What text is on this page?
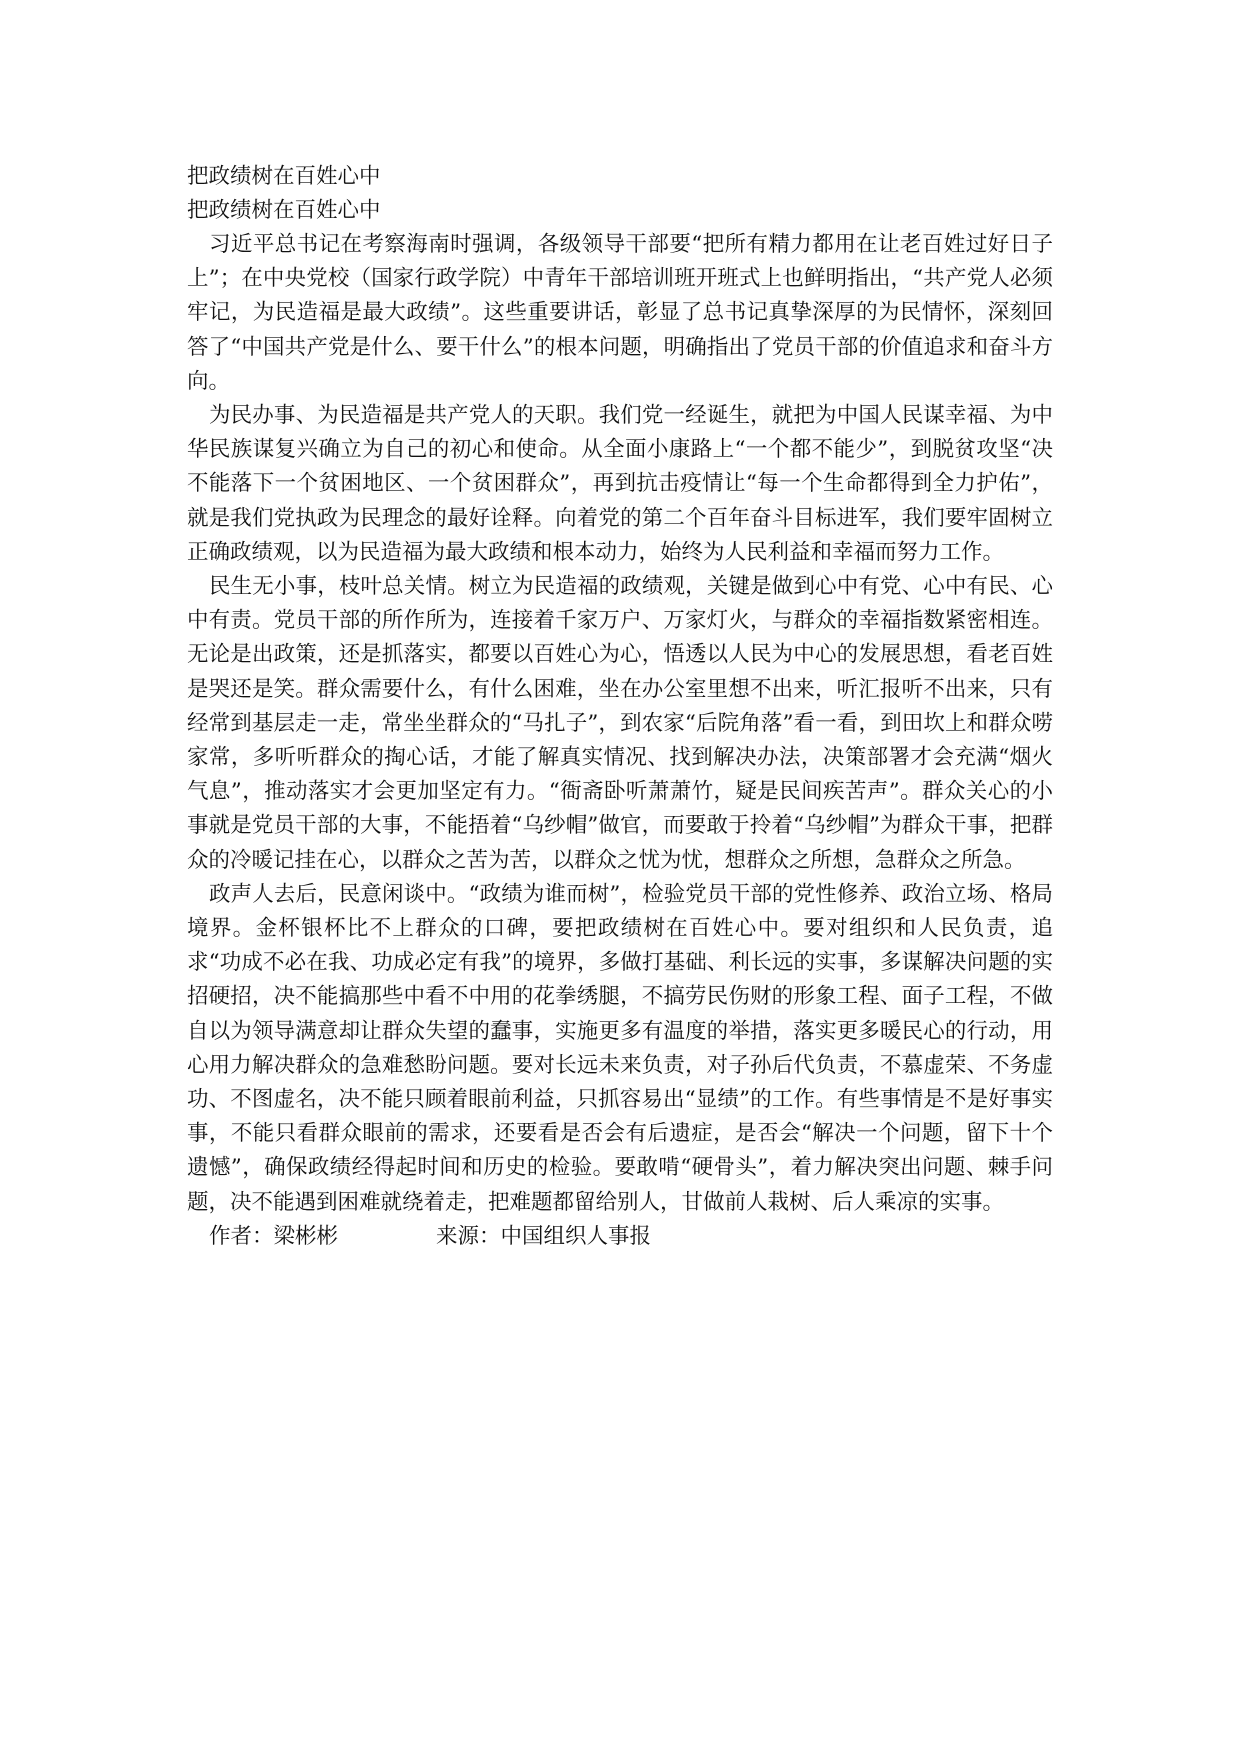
把政绩树在百姓心中

把政绩树在百姓心中

习近平总书记在考察海南时强调，各级领导干部要“把所有精力都用在让老百姓过好日子上”；在中央党校（国家行政学院）中青年干部培训班开班式上也鲜明指出，“共产党人必须牢记，为民造福是最大政绩”。这些重要讲话，彰显了总书记真挚深厚的为民情怀，深刻回答了“中国共产党是什么、要干什么”的根本问题，明确指出了党员干部的价值追求和奋斗方向。

为民办事、为民造福是共产党人的天职。我们党一经诞生，就把为中国人民谋幸福、为中华民族谋复兴确立为自己的初心和使命。从全面小康路上“一个都不能少”，到脱贫攻坚“决不能落下一个贫困地区、一个贫困群众”，再到抗击疫情让“每一个生命都得到全力护佑”，就是我们党执政为民理念的最好诠释。向着党的第二个百年奋斗目标进军，我们要牢固树立正确政绩观，以为民造福为最大政绩和根本动力，始终为人民利益和幸福而努力工作。

民生无小事，枝叶总关情。树立为民造福的政绩观，关键是做到心中有党、心中有民、心中有责。党员干部的所作所为，连接着千家万户、万家灯火，与群众的幸福指数紧密相连。无论是出政策，还是抓落实，都要以百姓心为心，悟透以人民为中心的发展思想，看老百姓是哭还是笑。群众需要什么，有什么困难，坐在办公室里想不出来，听汇报听不出来，只有经常到基层走一走，常坐坐群众的“马扎子”，到农家“后院角落”看一看，到田坎上和群众唠家常，多听听群众的掏心话，才能了解真实情况、找到解决办法，决策部署才会充满“烟火气息”，推动落实才会更加坚定有力。“衙斋卧听萧萧竹，疑是民间疾苦声”。群众关心的小事就是党员干部的大事，不能捂着“乌纱帽”做官，而要敢于拎着“乌纱帽”为群众干事，把群众的冷暖记挂在心，以群众之苦为苦，以群众之忧为忧，想群众之所想，急群众之所急。

政声人去后，民意闲谈中。“政绩为谁而树”，检验党员干部的党性修养、政治立场、格局境界。金杯银杯比不上群众的口碑，要把政绩树在百姓心中。要对组织和人民负责，追求“功成不必在我、功成必定有我”的境界，多做打基础、利长远的实事，多谋解决问题的实招硬招，决不能搞那些中看不中用的花拳绣腿，不搞劳民伤财的形象工程、面子工程，不做自以为领导满意却让群众失望的蠢事，实施更多有温度的举措，落实更多暖民心的行动，用心用力解决群众的急难愁盼问题。要对长远未来负责，对子孙后代负责，不慕虚荣、不务虚功、不图虚名，决不能只顾着眼前利益，只抓容易出“显绩”的工作。有些事情是不是好事实事，不能只看群众眼前的需求，还要看是否会有后遗症，是否会“解决一个问题，留下十个遗憾”，确保政绩经得起时间和历史的检验。要敢啃“硬骨头”，着力解决突出问题、棘手问题，决不能遇到困难就绕着走，把难题都留给别人，甘做前人栽树、后人乘凉的实事。

作者：梁彬彬	来源：中国组织人事报
